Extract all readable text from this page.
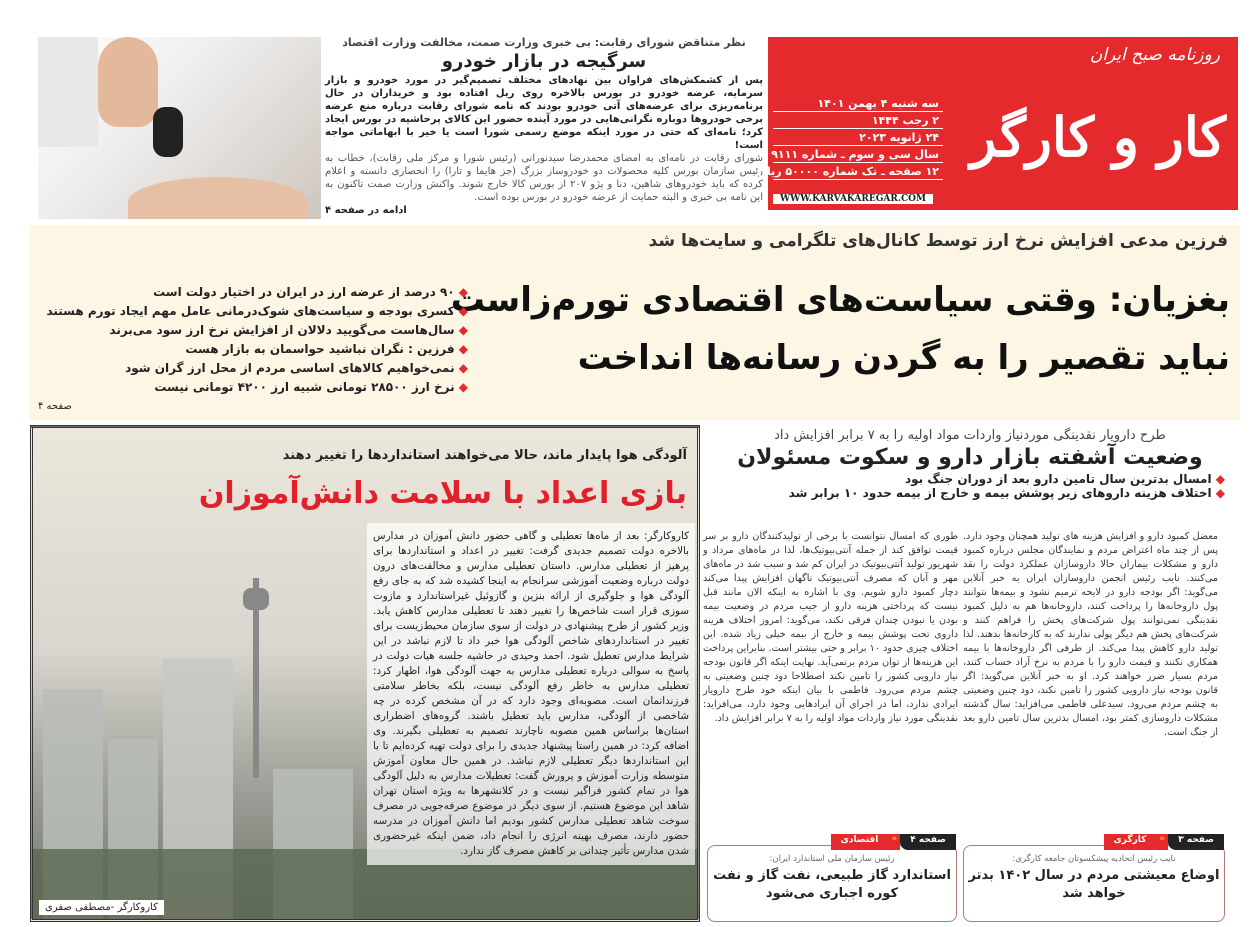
نظر متناقض شورای رقابت: بی خبری وزارت صمت، مخالفت وزارت اقتصاد
سرگیجه در بازار خودرو
پس از کشمکش‌های فراوان بین نهادهای مختلف تصمیم‌گیر در مورد خودرو و بازار سرمایه، عرضه خودرو در بورس بالاخره روی ریل افتاده بود و خریداران در حال برنامه‌ریزی برای عرضه‌های آتی خودرو بودند که نامه شورای رقابت درباره منع عرضه برخی خودروها دوباره نگرانی‌هایی در مورد آینده حضور این کالای پرحاشیه در بورس ایجاد کرد؛ نامه‌ای که حتی در مورد اینکه موضع رسمی شورا است یا خیر با ابهاماتی مواجه است!
شورای رقابت در نامه‌ای به امضای محمدرضا سیدنورانی (رئیس شورا و مرکز ملی رقابت)، خطاب به رئیس سازمان بورس کلیه محصولات دو خودروساز بزرگ (جز هایما و تارا) را انحصاری دانسته و اعلام کرده که باید خودروهای شاهین، دنا و پژو ۲۰۷ از بورس کالا خارج شوند. واکنش وزارت صمت تاکنون به این نامه بی خبری و البته حمایت از عرضه خودرو در بورس بوده است.
ادامه در صفحه ۴
روزنامه صبح ایران
کار و کارگر
سه شنبه ۴ بهمن ۱۴۰۱
۲ رجب ۱۴۴۴
۲۴ ژانویه ۲۰۲۳
سال سی و سوم ـ شماره ۹۱۱۱
۱۲ صفحه ـ تک شماره ۵۰۰۰۰ ریال
WWW.KARVAKAREGAR.COM
فرزین مدعی افزایش نرخ ارز توسط کانال‌های تلگرامی و سایت‌ها شد
بغزیان: وقتی سیاست‌های اقتصادی تورم‌زاست
نباید تقصیر را به گردن رسانه‌ها انداخت
◆ ۹۰ درصد از عرضه ارز در ایران در اختیار دولت است
◆ کسری بودجه و سیاست‌های شوک‌درمانی عامل مهم ایجاد تورم هستند
◆ سال‌هاست می‌گویید دلالان از افزایش نرخ ارز سود می‌برند
◆ فرزین : نگران نباشید حواسمان به بازار هست
◆ نمی‌خواهیم کالاهای اساسی مردم از محل ارز گران شود
◆ نرخ ارز ۲۸۵۰۰ تومانی شبیه ارز ۴۲۰۰ تومانی نیست
صفحه ۴
آلودگی هوا پایدار ماند، حالا می‌خواهند استانداردها را تغییر دهند
بازی اعداد با سلامت دانش‌آموزان
کاروکارگر: بعد از ماه‌ها تعطیلی و گاهی حضور دانش آموزان در مدارس بالاخره دولت تصمیم جدیدی گرفت: تغییر در اعداد و استانداردها برای پرهیز از تعطیلی مدارس. داستان تعطیلی مدارس و مخالفت‌های درون دولت درباره وضعیت آموزشی سرانجام به اینجا کشیده شد که به جای رفع آلودگی هوا و جلوگیری از ارائه بنزین و گازوئیل غیراستاندارد و مازوت سوزی قرار است شاخص‌ها را تغییر دهند تا تعطیلی مدارس کاهش یابد. وزیر کشور از طرح پیشنهادی در دولت از سوی سازمان محیط‌زیست برای تغییر در استانداردهای شاخص آلودگی هوا خبر داد تا لازم نباشد در این شرایط مدارس تعطیل شود. احمد وحیدی در حاشیه جلسه هیات دولت در پاسخ به سوالی درباره تعطیلی مدارس به جهت آلودگی هوا، اظهار کرد: تعطیلی مدارس به خاطر رفع آلودگی نیست، بلکه بخاطر سلامتی فرزندانمان است. مصوبه‌ای وجود دارد که در آن مشخص کرده در چه شاخصی از آلودگی، مدارس باید تعطیل باشند. گروه‌های اضطراری استان‌ها براساس همین مصوبه ناچارند تصمیم به تعطیلی بگیرند. وی اضافه کرد: در همین راستا پیشنهاد جدیدی را برای دولت تهیه کرده‌ایم تا با این استانداردها دیگر تعطیلی لازم نباشد. در همین حال معاون آموزش متوسطه وزارت آموزش و پرورش گفت: تعطیلات مدارس به دلیل آلودگی هوا در تمام کشور فراگیر نیست و در کلانشهرها به ویژه استان تهران شاهد این موضوع هستیم. از سوی دیگر در موضوع صرفه‌جویی در مصرف سوخت شاهد تعطیلی مدارس کشور بودیم اما دانش آموزان در مدرسه حضور دارند، مصرف بهینه انرژی را انجام داد، ضمن اینکه غیرحضوری شدن مدارس تأثیر چندانی بر کاهش مصرف گاز ندارد.
کاروکارگر -مصطفی صفری
طرح دارویار نقدینگی موردنیاز واردات مواد اولیه را به ۷ برابر افزایش داد
وضعیت آشفته بازار دارو و سکوت مسئولان
◆ امسال بدترین سال تامین دارو بعد از دوران جنگ بود
◆ اختلاف هزینه داروهای زیر پوشش بیمه و خارج از بیمه حدود ۱۰ برابر شد
معضل کمبود دارو و افزایش هزینه های تولید همچنان وجود دارد. پس از چند ماه اعتراض مردم و نمایندگان مجلس درباره کمبود دارو و مشکلات بیماران حالا داروسازان عملکرد دولت را نقد می‌کنند. نایب رئیس انجمن داروسازان ایران به خبر آنلاین می‌گوید: اگر بودجه دارو در لایحه ترمیم نشود و بیمه‌ها نتوانند پول داروخانه‌ها را پرداخت کنند، داروخانه‌ها هم به دلیل کمبود نقدینگی نمی‌توانند پول شرکت‌های پخش را فراهم کنند و شرکت‌های پخش هم دیگر پولی ندارند که به کارخانه‌ها بدهند. لذا تولید دارو کاهش پیدا می‌کند. از طرفی اگر داروخانه‌ها با بیمه همکاری نکنند و قیمت دارو را با مردم به نرخ آزاد حساب کنند، مردم بسیار ضرر خواهند کرد. او به خبر آنلاین می‌گوید: اگر قانون بودجه نیاز دارویی کشور را تامین نکند، دود چنین وضعیتی به چشم مردم می‌رود. سیدعلی فاطمی می‌افزاید: سال گذشته مشکلات داروسازی کمتر بود، امسال بدترین سال تامین دارو بعد از جنگ است.
طوری که امسال نتوانست با برخی از تولیدکنندگان دارو بر سر قیمت توافق کند از جمله آنتی‌بیوتیک‌ها، لذا در ماه‌های مرداد و شهریور تولید آنتی‌بیوتیک در ایران کم شد و سبب شد در ماه‌های مهر و آبان که مصرف آنتی‌بیوتیک ناگهان افزایش پیدا می‌کند دچار کمبود دارو شویم. وی با اشاره به اینکه الان مانند قبل نیست که پرداختی هزینه دارو از جیب مردم در وضعیت بیمه بودن یا نبودن چندان فرقی نکند، می‌گوید: امروز اختلاف هزینه داروی تحت پوشش بیمه و خارج از بیمه خیلی زیاد شده. این اختلاف چیزی حدود ۱۰ برابر و حتی بیشتر است. بنابراین پرداخت این هزینه‌ها از توان مردم برنمی‌آید. نهایت اینکه اگر قانون بودجه نیاز دارویی کشور را تامین نکند اصطلاحا دود چنین وضعیتی به چشم مردم می‌رود. فاطمی با بیان اینکه خود طرح دارویار ایرادی ندارد، اما در اجرای آن ایرادهایی وجود دارد، می‌افزاید: نقدینگی مورد نیاز واردات مواد اولیه را به ۷ برابر افزایش داد.
صفحه ۳
«
کارگری
نایب رئیس اتحادیه پیشکسوتان جامعه کارگری:
اوضاع معیشتی مردم در سال ۱۴۰۲ بدتر خواهد شد
صفحه ۴
«
اقتصادی
رئیس سازمان ملی استاندارد ایران:
استاندارد گاز طبیعی، نفت گاز و نفت کوره اجباری می‌شود
